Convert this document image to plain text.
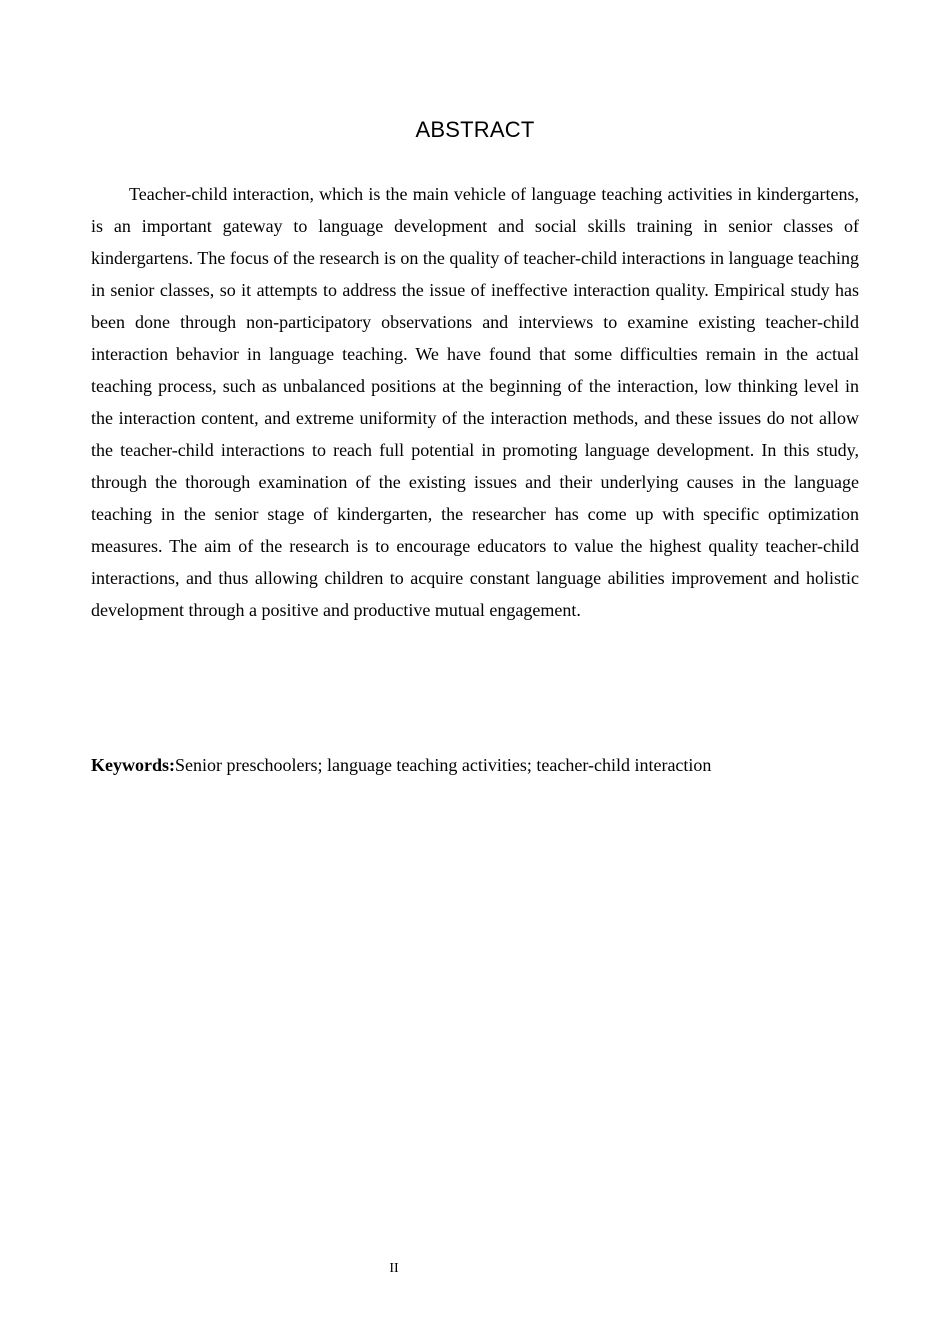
ABSTRACT

Teacher-child interaction, which is the main vehicle of language teaching activities in kindergartens, is an important gateway to language development and social skills training in senior classes of kindergartens. The focus of the research is on the quality of teacher-child interactions in language teaching in senior classes, so it attempts to address the issue of ineffective interaction quality. Empirical study has been done through non-participatory observations and interviews to examine existing teacher-child interaction behavior in language teaching. We have found that some difficulties remain in the actual teaching process, such as unbalanced positions at the beginning of the interaction, low thinking level in the interaction content, and extreme uniformity of the interaction methods, and these issues do not allow the teacher-child interactions to reach full potential in promoting language development. In this study, through the thorough examination of the existing issues and their underlying causes in the language teaching in the senior stage of kindergarten, the researcher has come up with specific optimization measures. The aim of the research is to encourage educators to value the highest quality teacher-child interactions, and thus allowing children to acquire constant language abilities improvement and holistic development through a positive and productive mutual engagement.

Keywords:Senior preschoolers; language teaching activities; teacher-child interaction

II
